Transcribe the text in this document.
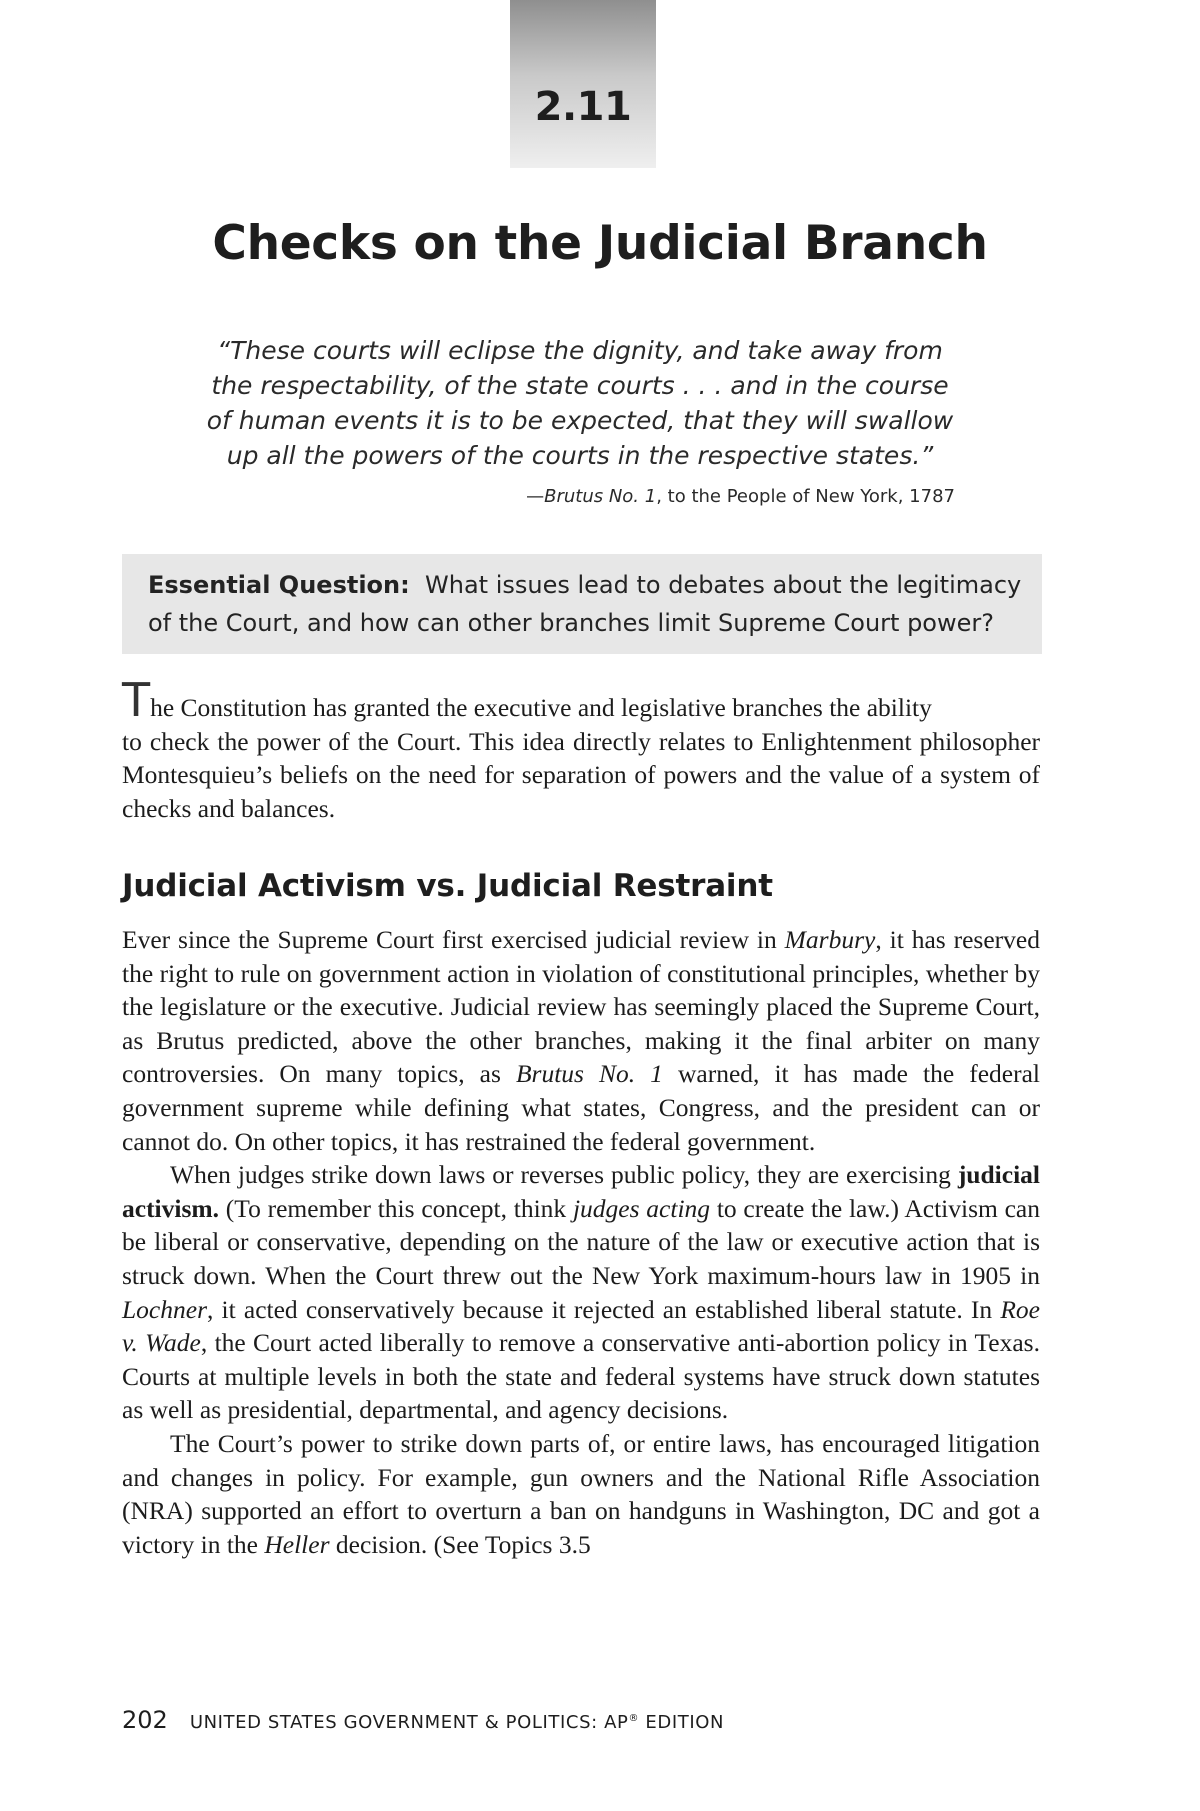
2.11
Checks on the Judicial Branch
“These courts will eclipse the dignity, and take away from
the respectability, of the state courts . . . and in the course
of human events it is to be expected, that they will swallow
up all the powers of the courts in the respective states.”
—Brutus No. 1, to the People of New York, 1787
Essential Question: What issues lead to debates about the legitimacy of the Court, and how can other branches limit Supreme Court power?
The Constitution has granted the executive and legislative branches the ability
to check the power of the Court. This idea directly relates to Enlightenment philosopher Montesquieu’s beliefs on the need for separation of powers and the value of a system of checks and balances.
Judicial Activism vs. Judicial Restraint

Ever since the Supreme Court first exercised judicial review in Marbury, it has reserved the right to rule on government action in violation of constitutional principles, whether by the legislature or the executive. Judicial review has seemingly placed the Supreme Court, as Brutus predicted, above the other branches, making it the final arbiter on many controversies. On many topics, as Brutus No. 1 warned, it has made the federal government supreme while defining what states, Congress, and the president can or cannot do. On other topics, it has restrained the federal government.

When judges strike down laws or reverses public policy, they are exercising judicial activism. (To remember this concept, think judges acting to create the law.) Activism can be liberal or conservative, depending on the nature of the law or executive action that is struck down. When the Court threw out the New York maximum-hours law in 1905 in Lochner, it acted conservatively because it rejected an established liberal statute. In Roe v. Wade, the Court acted liberally to remove a conservative anti-abortion policy in Texas. Courts at multiple levels in both the state and federal systems have struck down statutes as well as presidential, departmental, and agency decisions.

The Court’s power to strike down parts of, or entire laws, has encouraged litigation and changes in policy. For example, gun owners and the National Rifle Association (NRA) supported an effort to overturn a ban on handguns in Washington, DC and got a victory in the Heller decision. (See Topics 3.5

202 UNITED STATES GOVERNMENT & POLITICS: AP® EDITION
